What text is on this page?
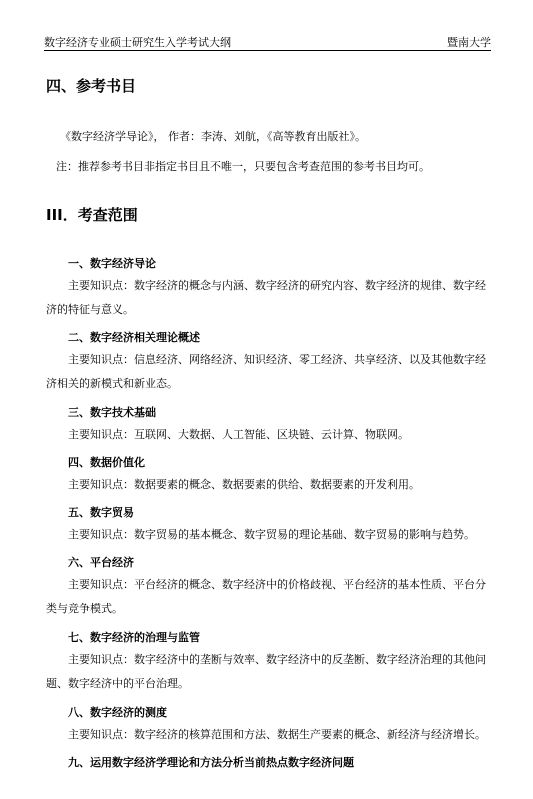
数字经济专业硕士研究生入学考试大纲	暨南大学
四、参考书目
《数字经济学导论》， 作者：李涛、刘航，《高等教育出版社》。
注：推荐参考书目非指定书目且不唯一，只要包含考查范围的参考书目均可。
III．考查范围
一、数字经济导论
主要知识点：数字经济的概念与内涵、数字经济的研究内容、数字经济的规律、数字经济的特征与意义。
二、数字经济相关理论概述
主要知识点：信息经济、网络经济、知识经济、零工经济、共享经济、以及其他数字经济相关的新模式和新业态。
三、数字技术基础
主要知识点：互联网、大数据、人工智能、区块链、云计算、物联网。
四、数据价值化
主要知识点：数据要素的概念、数据要素的供给、数据要素的开发利用。
五、数字贸易
主要知识点：数字贸易的基本概念、数字贸易的理论基础、数字贸易的影响与趋势。
六、平台经济
主要知识点：平台经济的概念、数字经济中的价格歧视、平台经济的基本性质、平台分类与竞争模式。
七、数字经济的治理与监管
主要知识点：数字经济中的垄断与效率、数字经济中的反垄断、数字经济治理的其他问题、数字经济中的平台治理。
八、数字经济的测度
主要知识点：数字经济的核算范围和方法、数据生产要素的概念、新经济与经济增长。
九、运用数字经济学理论和方法分析当前热点数字经济问题
